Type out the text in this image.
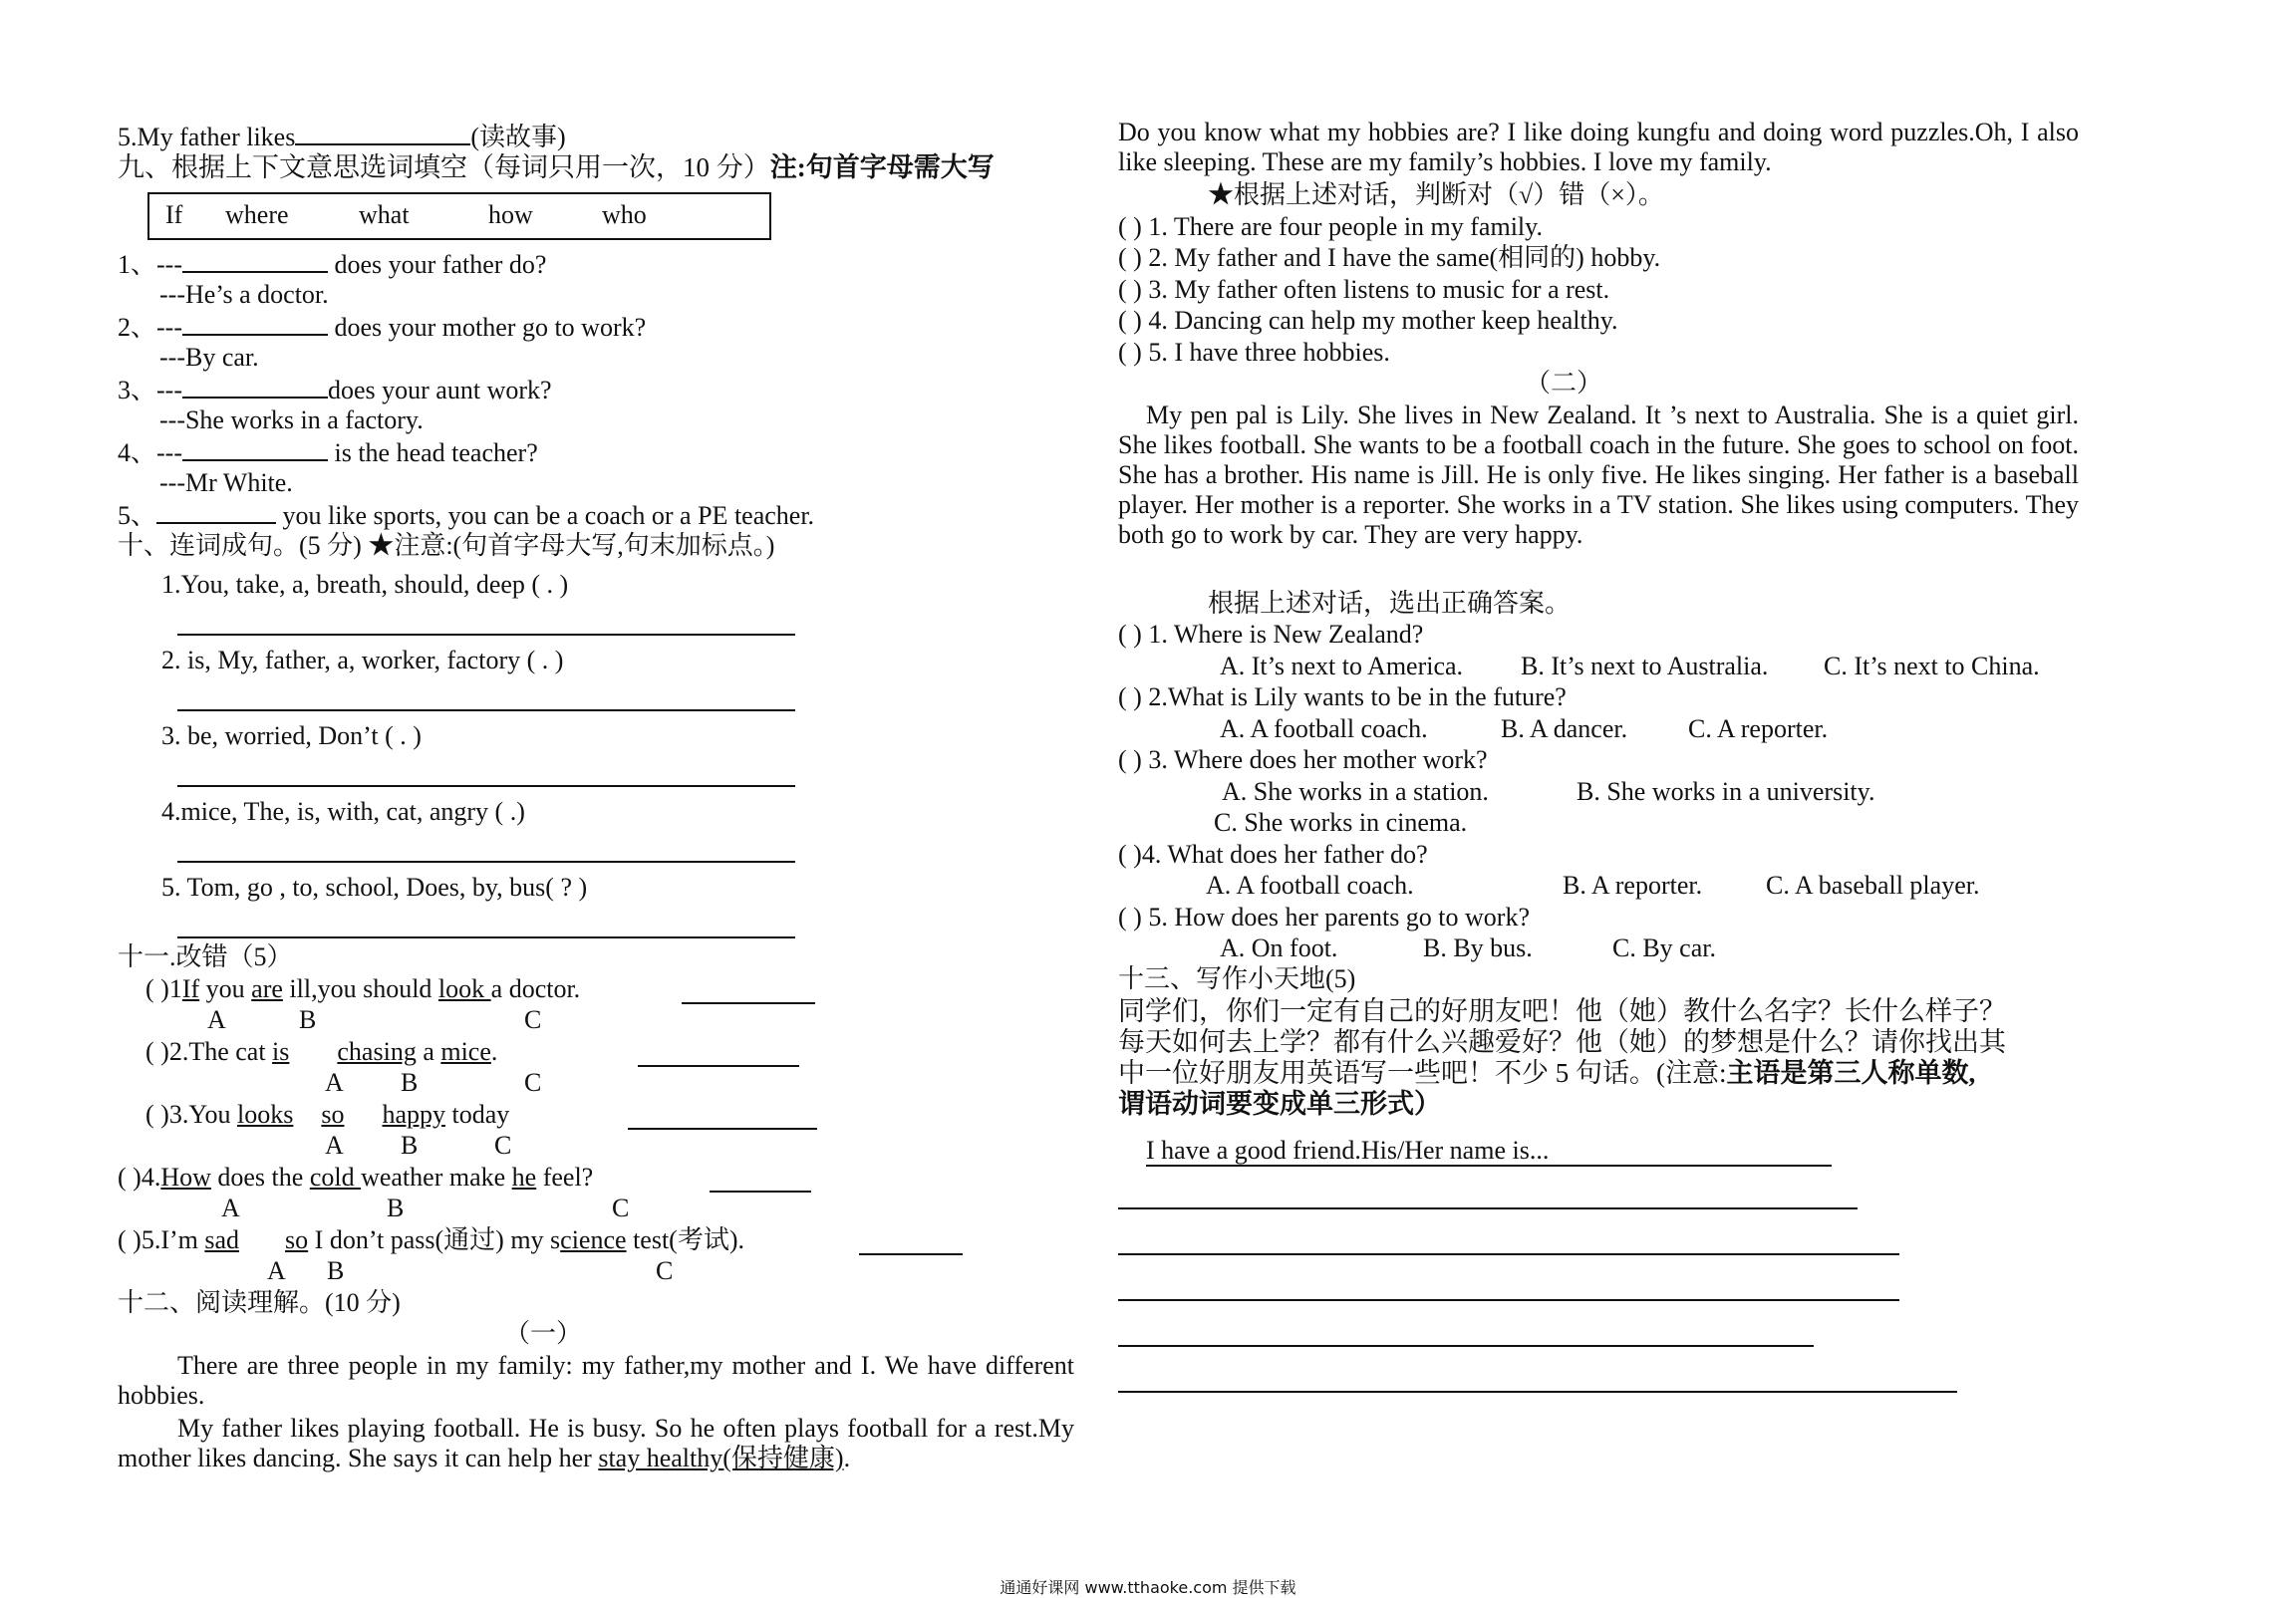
5.My father likes	(读故事)
九、根据上下文意思选词填空（每词只用一次，10 分）注:句首字母需大写
If where	what	how	who
1、---	does your father do?
---He’s a doctor.
2、---	does your mother go to work?
---By car.
3、---	does your aunt work?
---She works in a factory.
4、---	is the head teacher?
---Mr White.
5、	you like sports, you can be a coach or a PE teacher.
十、连词成句。(5 分) ★注意:(句首字母大写,句末加标点。)
1.You, take, a, breath, should, deep ( . )
2. is, My, father, a, worker, factory ( . )
3. be, worried, Don’t ( . )
4.mice, The, is, with, cat, angry ( .)
5. Tom, go , to, school, Does, by, bus( ? )
十一.改错（5）
( )1If you are ill,you should look a doctor.
A	B	C
( )2.The cat is chasing a mice.
A B	C
( )3.You looks so happy today
A B	C
( )4.How does the cold weather make he feel?
A	B	C
( )5.I’m sad so I don’t pass(通过) my science test(考试).
A B	C
十二、阅读理解。(10 分)
（一）
There are three people in my family: my father,my mother and I. We have different hobbies.
My father likes playing football. He is busy. So he often plays football for a rest.My mother likes dancing. She says it can help her stay healthy(保持健康).
Do you know what my hobbies are? I like doing kungfu and doing word puzzles.Oh, I also like sleeping. These are my family’s hobbies. I love my family.
★根据上述对话，判断对（√）错（×）。
( ) 1. There are four people in my family.
( ) 2. My father and I have the same(相同的) hobby.
( ) 3. My father often listens to music for a rest.
( ) 4. Dancing can help my mother keep healthy.
( ) 5. I have three hobbies.
（二）
My pen pal is Lily. She lives in New Zealand. It ’s next to Australia. She is a quiet girl. She likes football. She wants to be a football coach in the future. She goes to school on foot. She has a brother. His name is Jill. He is only five. He likes singing. Her father is a baseball player. Her mother is a reporter. She works in a TV station. She likes using computers. They both go to work by car. They are very happy.
根据上述对话，选出正确答案。
( ) 1. Where is New Zealand?
A. It’s next to America. B. It’s next to Australia. C. It’s next to China.
( ) 2.What is Lily wants to be in the future?
A. A football coach.	B. A dancer. C. A reporter.
( ) 3. Where does her mother work?
A. She works in a station.	B. She works in a university.
C. She works in cinema.
( )4. What does her father do?
A. A football coach.	B. A reporter. C. A baseball player.
( ) 5. How does her parents go to work?
A. On foot.	B. By bus.	C. By car.
十三、写作小天地(5)
同学们，你们一定有自己的好朋友吧！他（她）教什么名字？长什么样子？
每天如何去上学？都有什么兴趣爱好？他（她）的梦想是什么？请你找出其
中一位好朋友用英语写一些吧！不少 5 句话。(注意:主语是第三人称单数,
谓语动词要变成单三形式）
I have a good friend.His/Her name is...
通通好课网 www.tthaoke.com 提供下载
